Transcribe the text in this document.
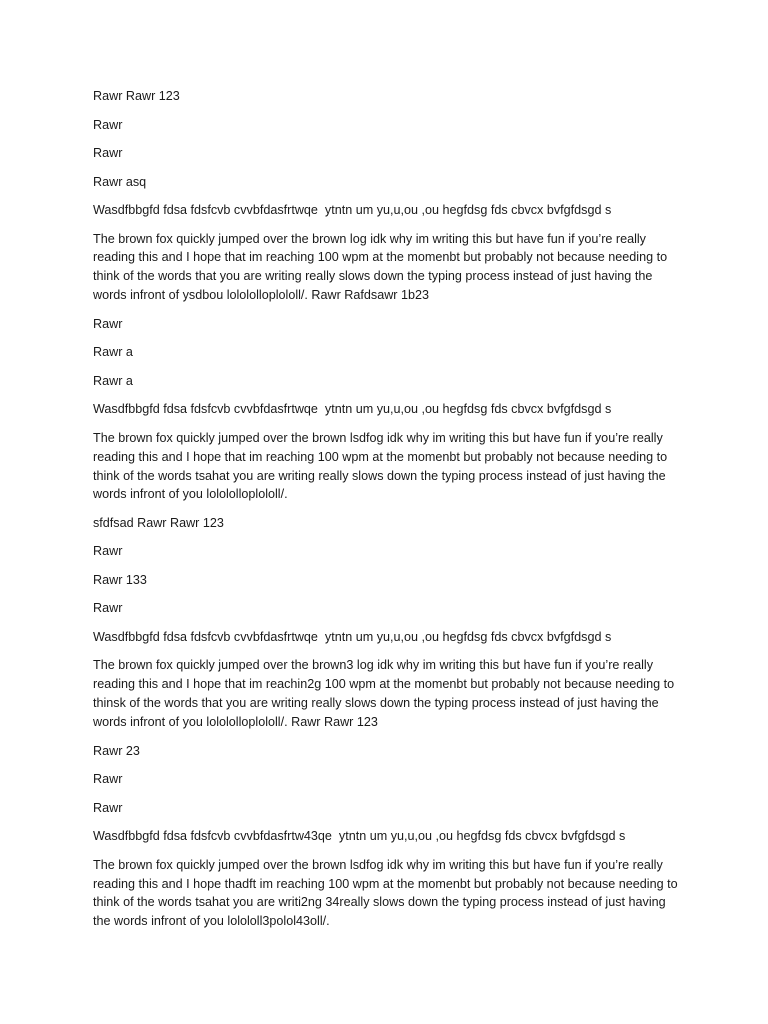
Rawr Rawr 123

Rawr

Rawr

Rawr asq

Wasdfbbgfd fdsa fdsfcvb cvvbfdasfrtwqe  ytntn um yu,u,ou ,ou hegfdsg fds cbvcx bvfgfdsgd s

The brown fox quickly jumped over the brown log idk why im writing this but have fun if you’re really reading this and I hope that im reaching 100 wpm at the momenbt but probably not because needing to think of the words that you are writing really slows down the typing process instead of just having the words infront of ysdbou lolololloplololl/. Rawr Rafdsawr 1b23

Rawr

Rawr a

Rawr a

Wasdfbbgfd fdsa fdsfcvb cvvbfdasfrtwqe  ytntn um yu,u,ou ,ou hegfdsg fds cbvcx bvfgfdsgd s

The brown fox quickly jumped over the brown lsdfog idk why im writing this but have fun if you’re really reading this and I hope that im reaching 100 wpm at the momenbt but probably not because needing to think of the words tsahat you are writing really slows down the typing process instead of just having the words infront of you lolololloplololl/.

sfdfsad Rawr Rawr 123

Rawr

Rawr 133

Rawr

Wasdfbbgfd fdsa fdsfcvb cvvbfdasfrtwqe  ytntn um yu,u,ou ,ou hegfdsg fds cbvcx bvfgfdsgd s

The brown fox quickly jumped over the brown3 log idk why im writing this but have fun if you’re really reading this and I hope that im reachin2g 100 wpm at the momenbt but probably not because needing to thinsk of the words that you are writing really slows down the typing process instead of just having the words infront of you lolololloplololl/. Rawr Rawr 123

Rawr 23

Rawr

Rawr

Wasdfbbgfd fdsa fdsfcvb cvvbfdasfrtw43qe  ytntn um yu,u,ou ,ou hegfdsg fds cbvcx bvfgfdsgd s

The brown fox quickly jumped over the brown lsdfog idk why im writing this but have fun if you’re really reading this and I hope thadft im reaching 100 wpm at the momenbt but probably not because needing to think of the words tsahat you are writi2ng 34really slows down the typing process instead of just having the words infront of you lolololl3polol43oll/.
